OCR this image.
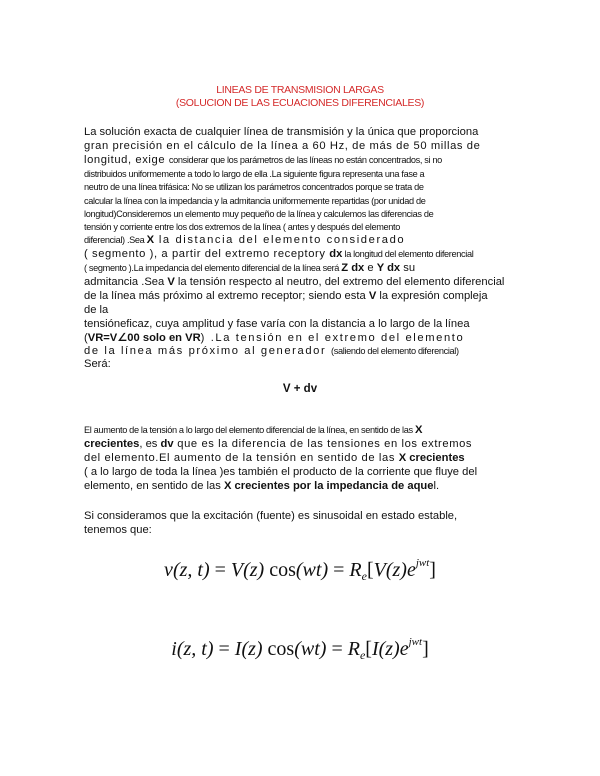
LINEAS DE TRANSMISION LARGAS
(SOLUCION DE LAS ECUACIONES DIFERENCIALES)
La solución exacta de cualquier línea de transmisión y la única que proporciona
gran precisión en el cálculo de la línea a 60 Hz, de más de 50 millas de
longitud, exige considerar que los parámetros de las líneas no están concentrados, si no
distribuidos uniformemente a todo lo largo de ella .La siguiente figura representa una fase a
neutro de una línea trifásica: No se utilizan los parámetros concentrados porque se trata de
calcular la línea con la impedancia y la admitancia uniformemente repartidas (por unidad de
longitud)Consideremos un elemento muy pequeño de la línea y calculemos las diferencias de
tensión y corriente entre los dos extremos de la línea ( antes y después del elemento
diferencial) .Sea X la distancia del elemento considerado
( segmento ), a partir del extremo receptory dx la longitud del elemento diferencial
( segmento ).La impedancia del elemento diferencial de la línea será Z dx e Y dx su
admitancia .Sea V la tensión respecto al neutro, del extremo del elemento diferencial
de la línea más próximo al extremo receptor; siendo esta V la expresión compleja
de la
tensióneficaz, cuya amplitud y fase varía con la distancia a lo largo de la línea
(VR=V∠00 solo en VR) .La tensión en el extremo del elemento
de la línea más próximo al generador (saliendo del elemento diferencial)
Será:
V + dv
El aumento de la tensión a lo largo del elemento diferencial de la línea, en sentido de las X
crecientes, es dv que es la diferencia de las tensiones en los extremos
del elemento.El aumento de la tensión en sentido de las X crecientes
( a lo largo de toda la línea )es también el producto de la corriente que fluye del
elemento, en sentido de las X crecientes por la impedancia de aquel.
Si consideramos que la excitación (fuente) es sinusoidal en estado estable,
tenemos que:
v(z, t) = V(z) $\cos(wt) = R_e[V(z)e^{jwt}]$
i(z, t) = I(z) $\cos(wt) = R_e[I(z)e^{jwt}]$
